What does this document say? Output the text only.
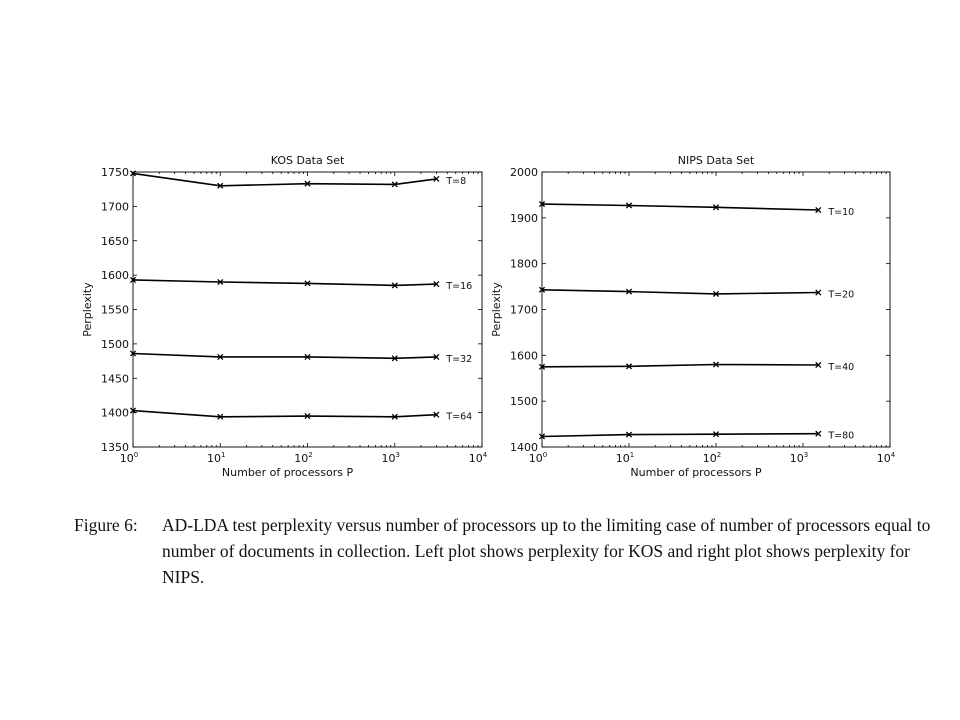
KOS Data Set
Number of processors P
Perplexity
1350
1400
1450
1500
1550
1600
1650
1700
1750
$10^0$	$10^1$	$10^2$	$10^3$	$10^4$
T=8
T=16
T=32
T=64
NIPS Data Set
Number of processors P
Perplexity
1400
1500
1600
1700
1800
1900
2000
$10^0$	$10^1$	$10^2$	$10^3$	$10^4$
T=10
T=20
T=40
T=80
Figure 6: AD-LDA test perplexity versus number of processors up to the limiting case of number of processors equal to number of documents in collection. Left plot shows perplexity for KOS and right plot shows perplexity for NIPS.
